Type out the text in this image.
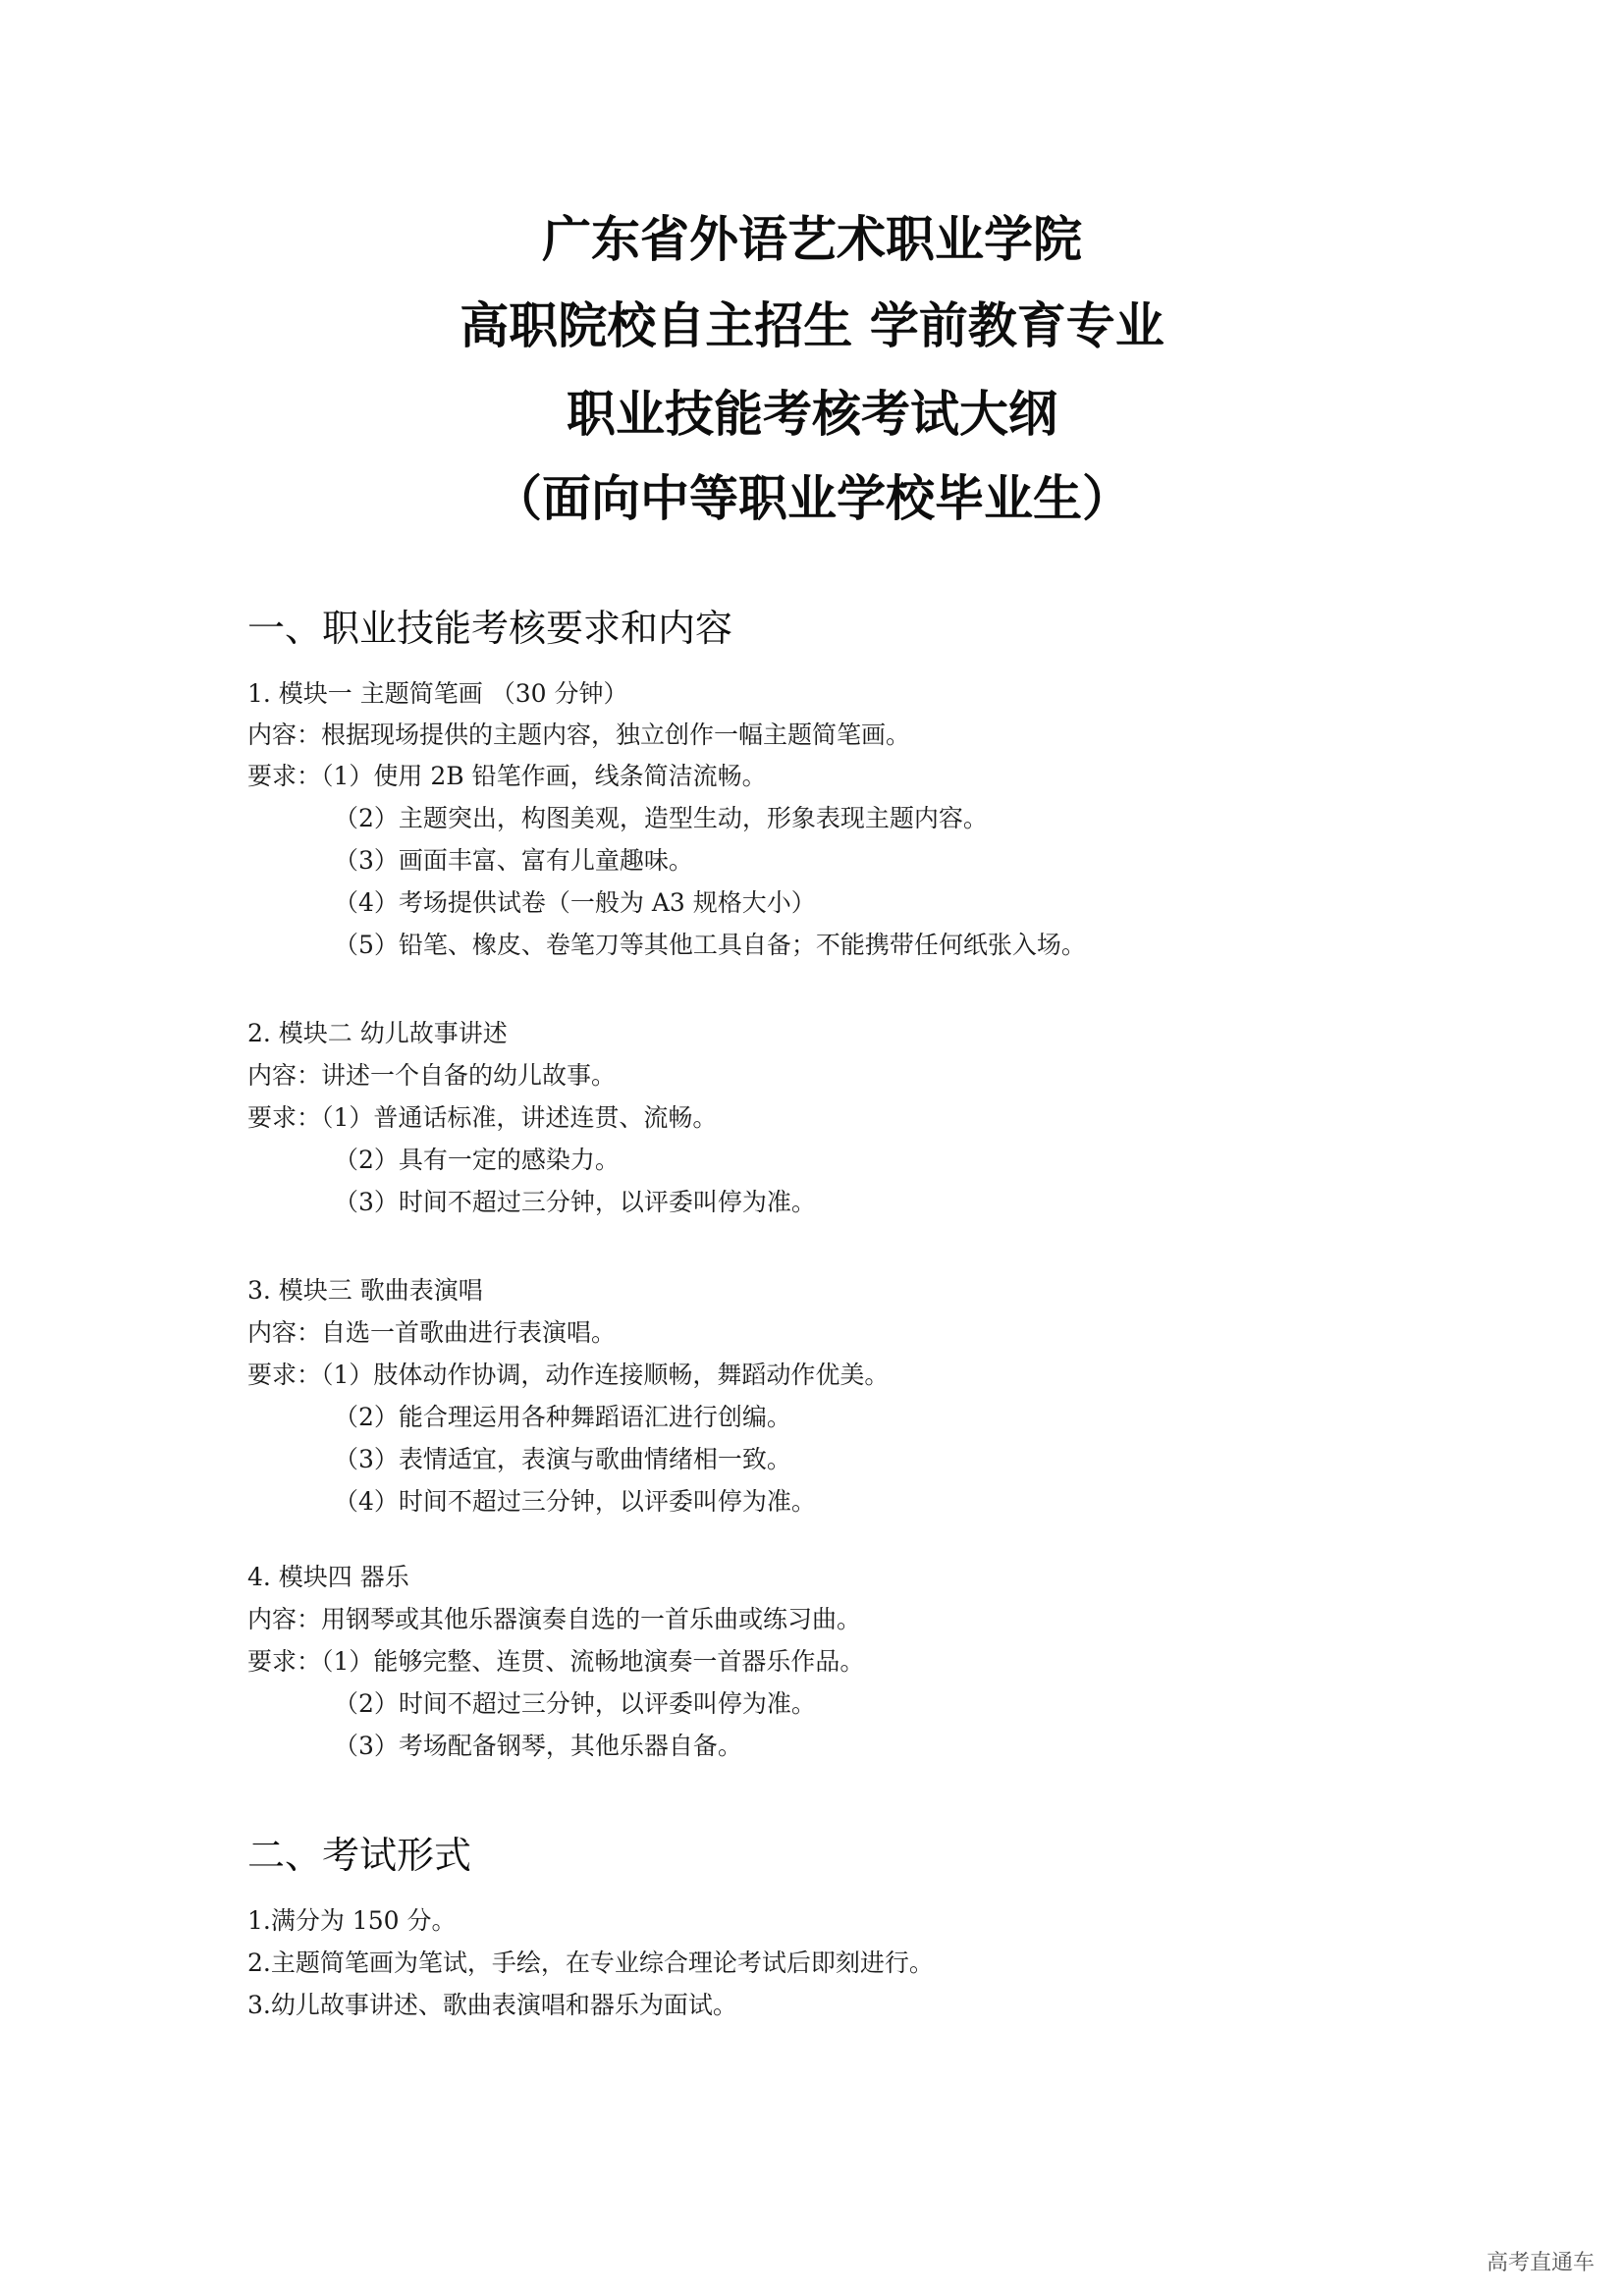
广东省外语艺术职业学院
高职院校自主招生 学前教育专业
职业技能考核考试大纲
（面向中等职业学校毕业生）
一、职业技能考核要求和内容
1. 模块一 主题简笔画 （30 分钟）
内容：根据现场提供的主题内容，独立创作一幅主题简笔画。
要求：（1）使用 2B 铅笔作画，线条简洁流畅。
（2）主题突出，构图美观，造型生动，形象表现主题内容。
（3）画面丰富、富有儿童趣味。
（4）考场提供试卷（一般为 A3 规格大小）
（5）铅笔、橡皮、卷笔刀等其他工具自备；不能携带任何纸张入场。
2. 模块二 幼儿故事讲述
内容：讲述一个自备的幼儿故事。
要求：（1）普通话标准，讲述连贯、流畅。
（2）具有一定的感染力。
（3）时间不超过三分钟，以评委叫停为准。
3. 模块三 歌曲表演唱
内容：自选一首歌曲进行表演唱。
要求：（1）肢体动作协调，动作连接顺畅，舞蹈动作优美。
（2）能合理运用各种舞蹈语汇进行创编。
（3）表情适宜，表演与歌曲情绪相一致。
（4）时间不超过三分钟，以评委叫停为准。
4. 模块四 器乐
内容：用钢琴或其他乐器演奏自选的一首乐曲或练习曲。
要求：（1）能够完整、连贯、流畅地演奏一首器乐作品。
（2）时间不超过三分钟，以评委叫停为准。
（3）考场配备钢琴，其他乐器自备。
二、考试形式
1.满分为 150 分。
2.主题简笔画为笔试，手绘，在专业综合理论考试后即刻进行。
3.幼儿故事讲述、歌曲表演唱和器乐为面试。
高考直通车
